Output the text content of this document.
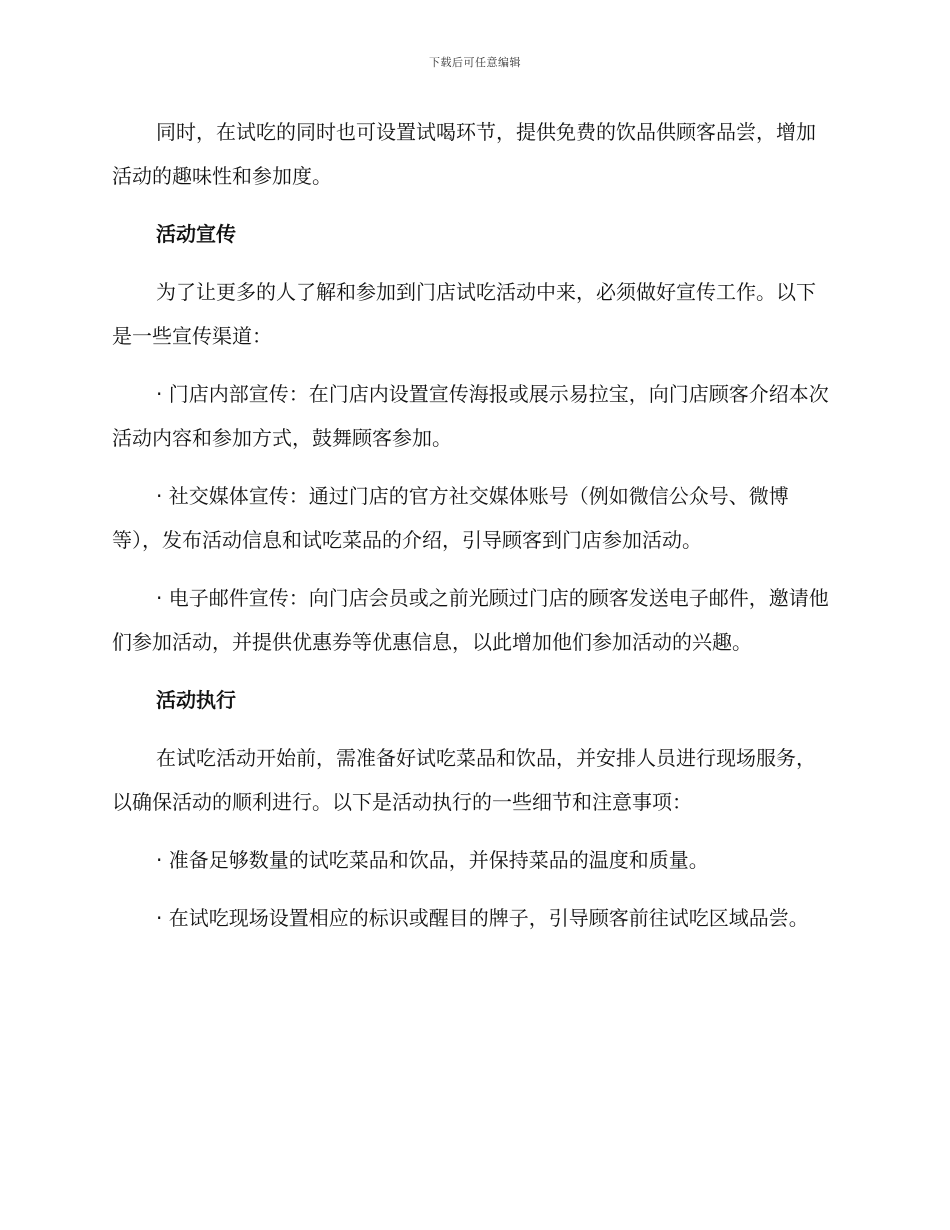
下载后可任意编辑

同时，在试吃的同时也可设置试喝环节，提供免费的饮品供顾客品尝，增加活动的趣味性和参加度。

活动宣传

为了让更多的人了解和参加到门店试吃活动中来，必须做好宣传工作。以下是一些宣传渠道：

· 门店内部宣传：在门店内设置宣传海报或展示易拉宝，向门店顾客介绍本次活动内容和参加方式，鼓舞顾客参加。

· 社交媒体宣传：通过门店的官方社交媒体账号（例如微信公众号、微博等），发布活动信息和试吃菜品的介绍，引导顾客到门店参加活动。

· 电子邮件宣传：向门店会员或之前光顾过门店的顾客发送电子邮件，邀请他们参加活动，并提供优惠券等优惠信息，以此增加他们参加活动的兴趣。

活动执行

在试吃活动开始前，需准备好试吃菜品和饮品，并安排人员进行现场服务，以确保活动的顺利进行。以下是活动执行的一些细节和注意事项：

· 准备足够数量的试吃菜品和饮品，并保持菜品的温度和质量。

· 在试吃现场设置相应的标识或醒目的牌子，引导顾客前往试吃区域品尝。
